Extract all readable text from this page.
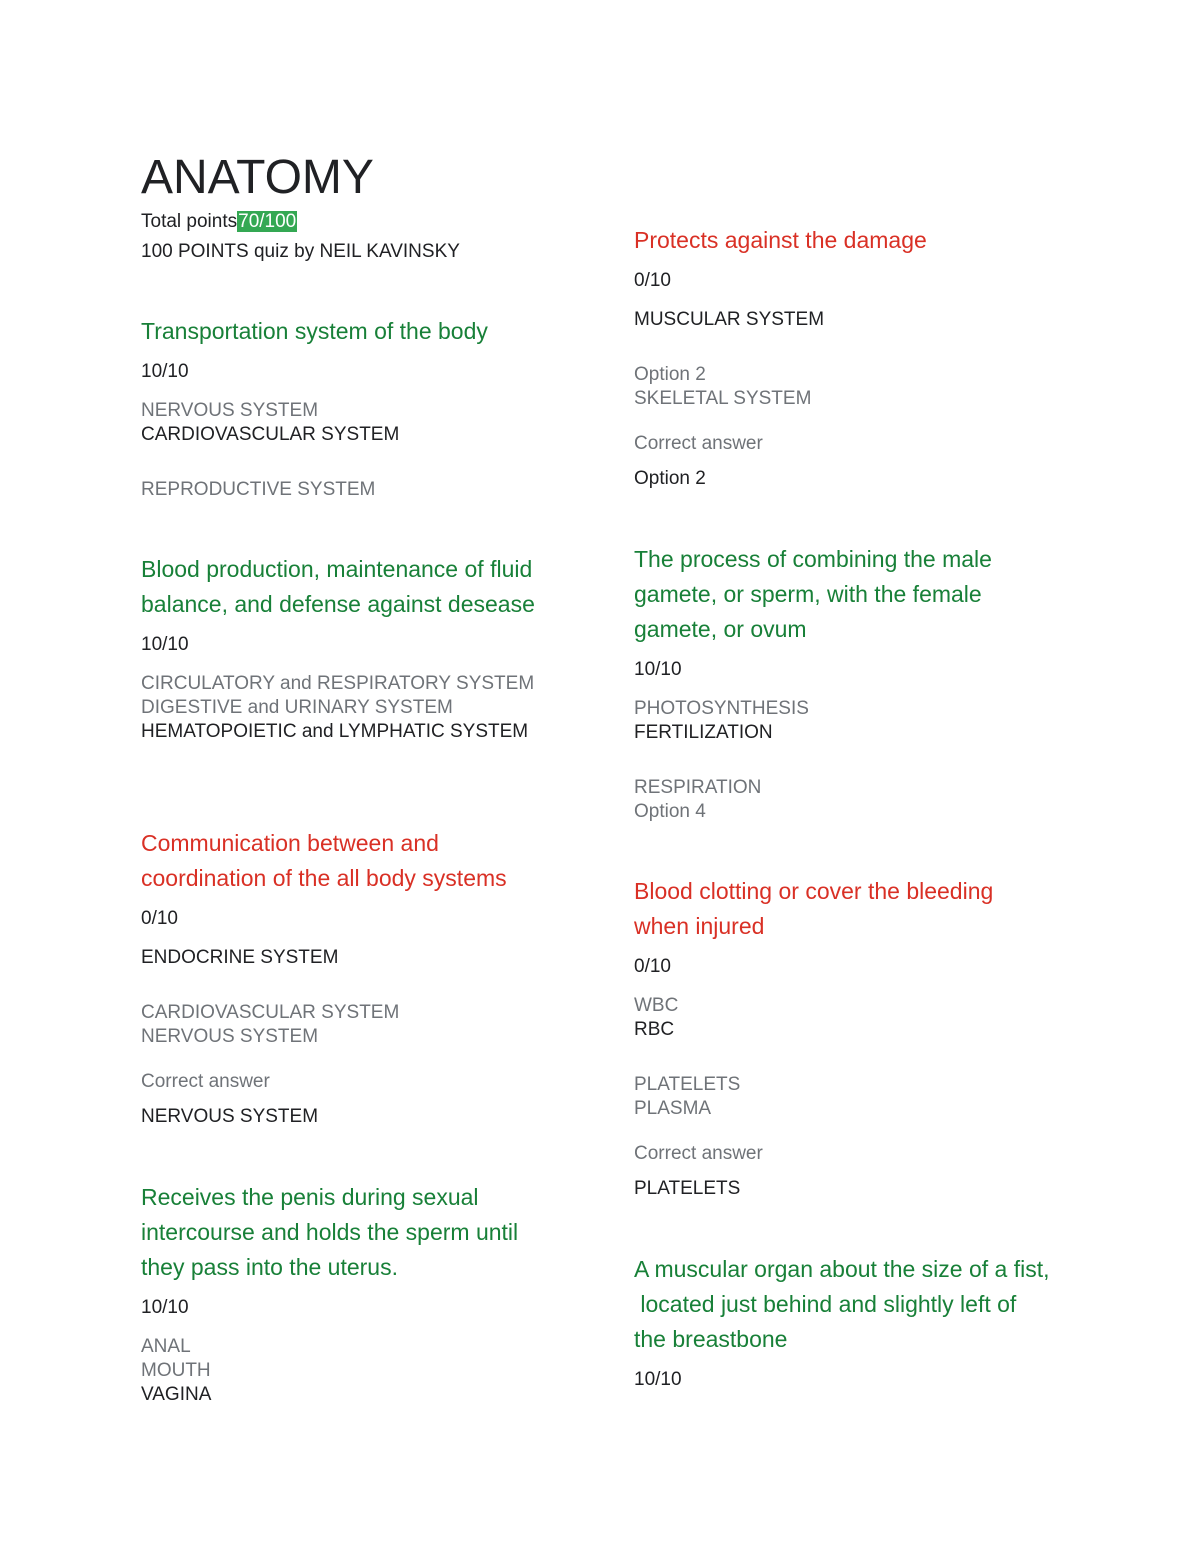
ANATOMY
Total points70/100
100 POINTS quiz by NEIL KAVINSKY
Transportation system of the body
10/10
NERVOUS SYSTEM
CARDIOVASCULAR SYSTEM
REPRODUCTIVE SYSTEM
Blood production, maintenance of fluid
balance, and defense against desease
10/10
CIRCULATORY and RESPIRATORY SYSTEM
DIGESTIVE and URINARY SYSTEM
HEMATOPOIETIC and LYMPHATIC SYSTEM
Communication between and
coordination of the all body systems
0/10
ENDOCRINE SYSTEM
CARDIOVASCULAR SYSTEM
NERVOUS SYSTEM
Correct answer
NERVOUS SYSTEM
Receives the penis during sexual
intercourse and holds the sperm until
they pass into the uterus.
10/10
ANAL
MOUTH
VAGINA
Protects against the damage
0/10
MUSCULAR SYSTEM
Option 2
SKELETAL SYSTEM
Correct answer
Option 2
The process of combining the male
gamete, or sperm, with the female
gamete, or ovum
10/10
PHOTOSYNTHESIS
FERTILIZATION
RESPIRATION
Option 4
Blood clotting or cover the bleeding
when injured
0/10
WBC
RBC
PLATELETS
PLASMA
Correct answer
PLATELETS
A muscular organ about the size of a fist,
located just behind and slightly left of
the breastbone
10/10
